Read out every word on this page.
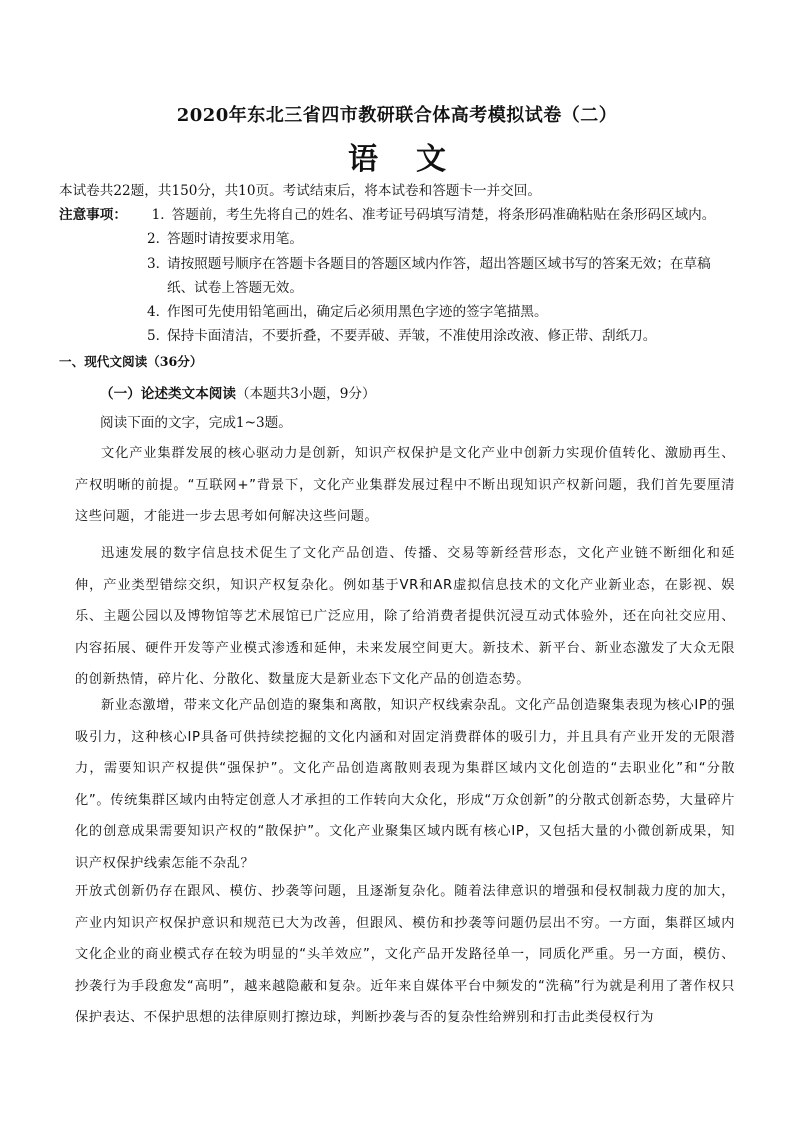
2020年东北三省四市教研联合体高考模拟试卷（二）
语文
本试卷共22题，共150分，共10页。考试结束后，将本试卷和答题卡一并交回。
注意事项： 1．答题前，考生先将自己的姓名、准考证号码填写清楚，将条形码准确粘贴在条形码区域内。
2．答题时请按要求用笔。
3．请按照题号顺序在答题卡各题目的答题区域内作答，超出答题区域书写的答案无效；在草稿
纸、试卷上答题无效。
4．作图可先使用铅笔画出，确定后必须用黑色字迹的签字笔描黑。
5．保持卡面清洁，不要折叠，不要弄破、弄皱，不准使用涂改液、修正带、刮纸刀。
一、现代文阅读（36分）
（一）论述类文本阅读（本题共3小题，9分）
阅读下面的文字，完成1~3题。
文化产业集群发展的核心驱动力是创新，知识产权保护是文化产业中创新力实现价值转化、激励再生、产权明晰的前提。“互联网+”背景下，文化产业集群发展过程中不断出现知识产权新问题，我们首先要厘清这些问题，才能进一步去思考如何解决这些问题。
迅速发展的数字信息技术促生了文化产品创造、传播、交易等新经营形态，文化产业链不断细化和延伸，产业类型错综交织，知识产权复杂化。例如基于VR和AR虚拟信息技术的文化产业新业态，在影视、娱乐、主题公园以及博物馆等艺术展馆已广泛应用，除了给消费者提供沉浸互动式体验外，还在向社交应用、内容拓展、硬件开发等产业模式渗透和延伸，未来发展空间更大。新技术、新平台、新业态激发了大众无限的创新热情，碎片化、分散化、数量庞大是新业态下文化产品的创造态势。
新业态激增，带来文化产品创造的聚集和离散，知识产权线索杂乱。文化产品创造聚集表现为核心IP的强吸引力，这种核心IP具备可供持续挖掘的文化内涵和对固定消费群体的吸引力，并且具有产业开发的无限潜力，需要知识产权提供“强保护”。文化产品创造离散则表现为集群区域内文化创造的“去职业化”和“分散化”。传统集群区域内由特定创意人才承担的工作转向大众化，形成“万众创新”的分散式创新态势，大量碎片化的创意成果需要知识产权的“散保护”。文化产业聚集区域内既有核心IP，又包括大量的小微创新成果，知识产权保护线索怎能不杂乱？
开放式创新仍存在跟风、模仿、抄袭等问题，且逐渐复杂化。随着法律意识的增强和侵权制裁力度的加大，产业内知识产权保护意识和规范已大为改善，但跟风、模仿和抄袭等问题仍层出不穷。一方面，集群区域内文化企业的商业模式存在较为明显的“头羊效应”，文化产品开发路径单一，同质化严重。另一方面，模仿、抄袭行为手段愈发“高明”，越来越隐蔽和复杂。近年来自媒体平台中频发的“洗稿”行为就是利用了著作权只保护表达、不保护思想的法律原则打擦边球，判断抄袭与否的复杂性给辨别和打击此类侵权行为
